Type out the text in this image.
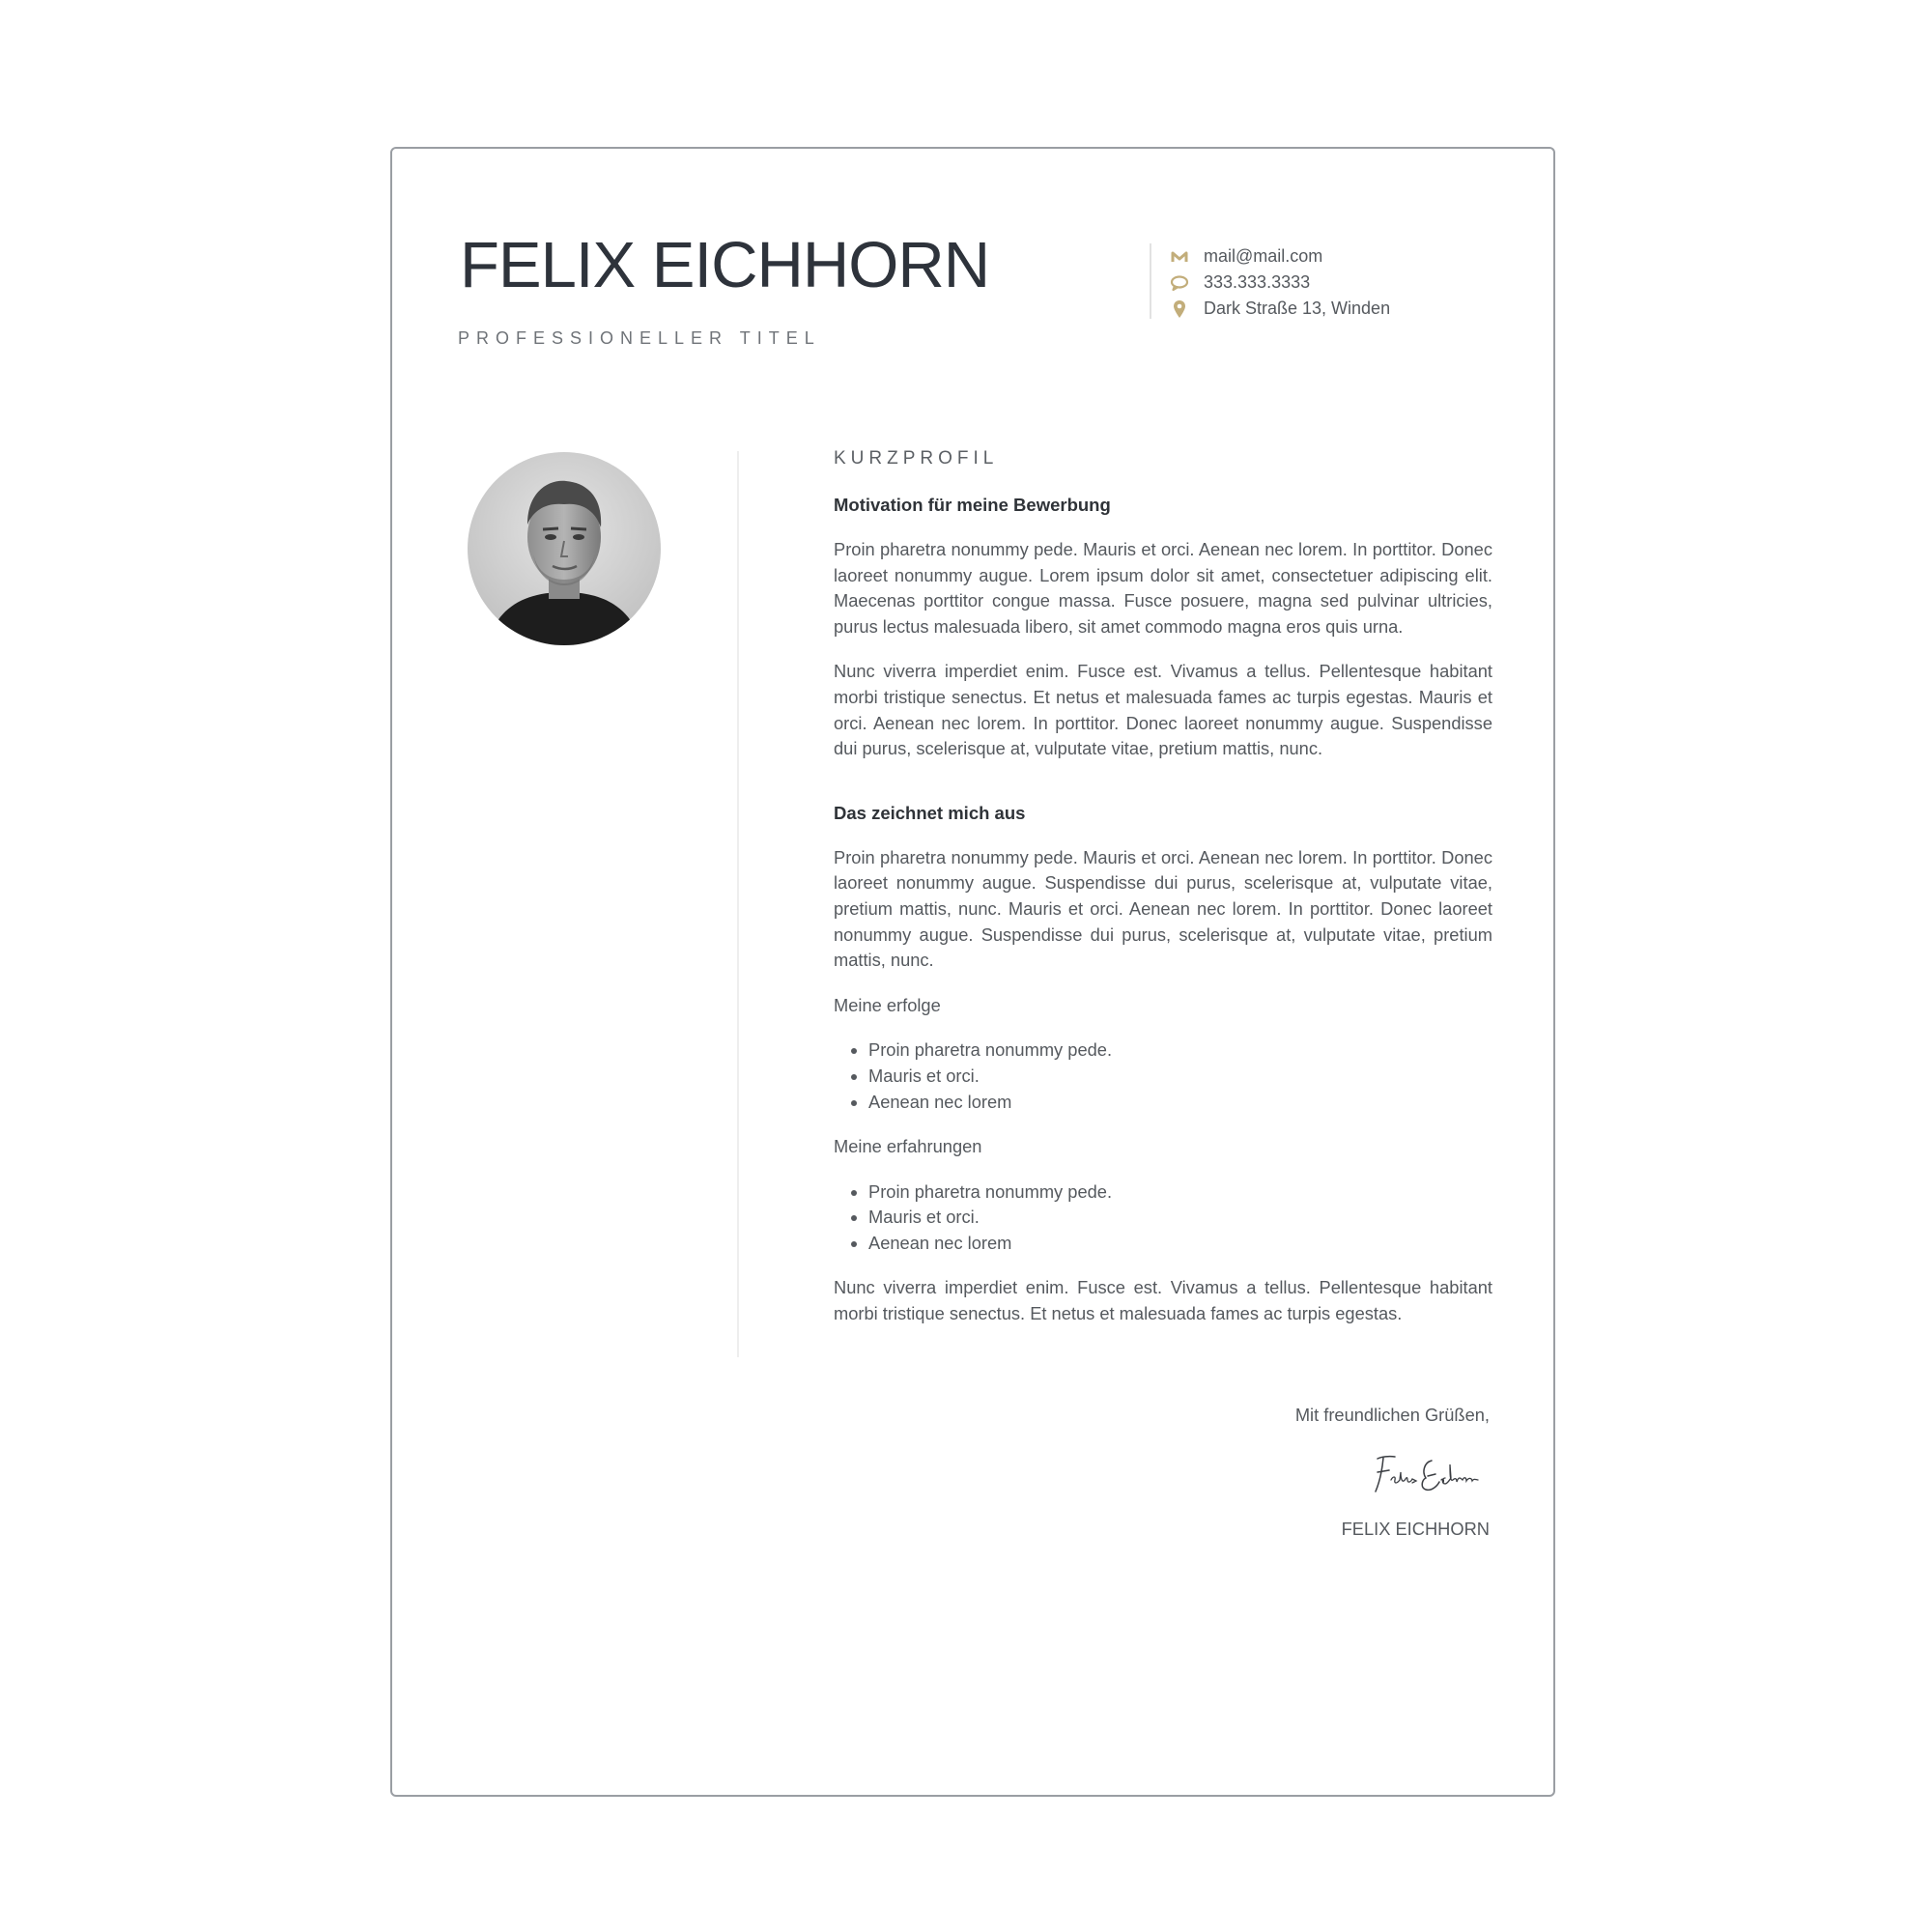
FELIX EICHHORN
PROFESSIONELLER TITEL
mail@mail.com
333.333.3333
Dark Straße 13, Winden
KURZPROFIL
Motivation für meine Bewerbung

Proin pharetra nonummy pede. Mauris et orci. Aenean nec lorem. In porttitor. Donec laoreet nonummy augue. Lorem ipsum dolor sit amet, consectetuer adipiscing elit. Maecenas porttitor congue massa. Fusce posuere, magna sed pulvinar ultricies, purus lectus malesuada libero, sit amet commodo magna eros quis urna.

Nunc viverra imperdiet enim. Fusce est. Vivamus a tellus. Pellentesque habitant morbi tristique senectus. Et netus et malesuada fames ac turpis egestas. Mauris et orci. Aenean nec lorem. In porttitor. Donec laoreet nonummy augue. Suspendisse dui purus, scelerisque at, vulputate vitae, pretium mattis, nunc.

Das zeichnet mich aus

Proin pharetra nonummy pede. Mauris et orci. Aenean nec lorem. In porttitor. Donec laoreet nonummy augue. Suspendisse dui purus, scelerisque at, vulputate vitae, pretium mattis, nunc. Mauris et orci. Aenean nec lorem. In porttitor. Donec laoreet nonummy augue. Suspendisse dui purus, scelerisque at, vulputate vitae, pretium mattis, nunc.

Meine erfolge
• Proin pharetra nonummy pede.
• Mauris et orci.
• Aenean nec lorem
Meine erfahrungen
• Proin pharetra nonummy pede.
• Mauris et orci.
• Aenean nec lorem

Nunc viverra imperdiet enim. Fusce est. Vivamus a tellus. Pellentesque habitant morbi tristique senectus. Et netus et malesuada fames ac turpis egestas.

Mit freundlichen Grüßen,
FELIX EICHHORN
